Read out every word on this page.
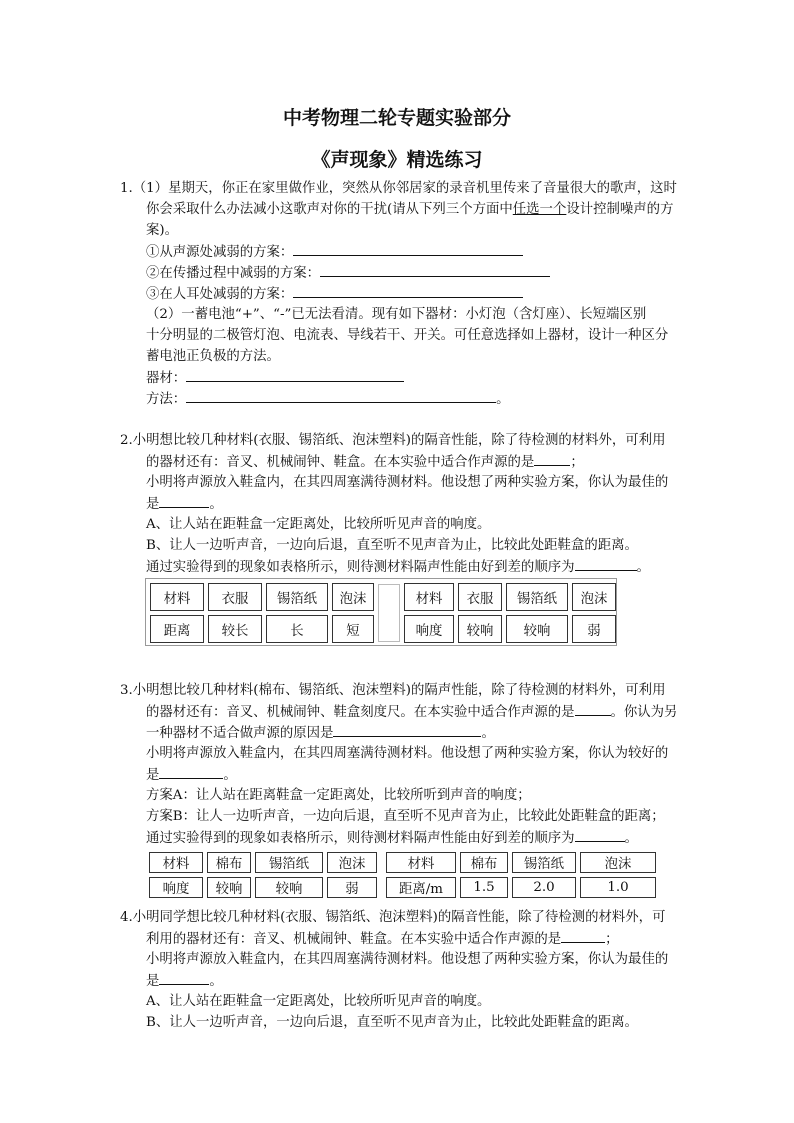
中考物理二轮专题实验部分
《声现象》精选练习
1.（1）星期天，你正在家里做作业，突然从你邻居家的录音机里传来了音量很大的歌声，这时
你会采取什么办法减小这歌声对你的干扰(请从下列三个方面中任选一个设计控制噪声的方
案)。
①从声源处减弱的方案：
②在传播过程中减弱的方案：
③在人耳处减弱的方案：
（2）一蓄电池“+”、“-”已无法看清。现有如下器材：小灯泡（含灯座）、长短端区别
十分明显的二极管灯泡、电流表、导线若干、开关。可任意选择如上器材，设计一种区分
蓄电池正负极的方法。
器材：
方法：	。
2.小明想比较几种材料(衣服、锡箔纸、泡沫塑料)的隔音性能，除了待检测的材料外，可利用
的器材还有：音叉、机械闹钟、鞋盒。在本实验中适合作声源的是	；
小明将声源放入鞋盒内，在其四周塞满待测材料。他设想了两种实验方案，你认为最佳的
是	。
A、让人站在距鞋盒一定距离处，比较所听见声音的响度。
B、让人一边听声音，一边向后退，直至听不见声音为止，比较此处距鞋盒的距离。
通过实验得到的现象如表格所示，则待测材料隔声性能由好到差的顺序为	。
材料	衣服	锡箔纸	泡沫
距离	较长	长	短
材料	衣服	锡箔纸	泡沫
响度	较响	较响	弱
3.小明想比较几种材料(棉布、锡箔纸、泡沫塑料)的隔声性能，除了待检测的材料外，可利用
的器材还有：音叉、机械闹钟、鞋盒刻度尺。在本实验中适合作声源的是	。你认为另
一种器材不适合做声源的原因是	。
小明将声源放入鞋盒内，在其四周塞满待测材料。他设想了两种实验方案，你认为较好的
是	。
方案A：让人站在距离鞋盒一定距离处，比较所听到声音的响度；
方案B：让人一边听声音，一边向后退，直至听不见声音为止，比较此处距鞋盒的距离；
通过实验得到的现象如表格所示，则待测材料隔声性能由好到差的顺序为	。
材料	棉布	锡箔纸	泡沫
响度	较响	较响	弱
材料	棉布	锡箔纸	泡沫
距离/m	1.5	2.0	1.0
4.小明同学想比较几种材料(衣服、锡箔纸、泡沫塑料)的隔音性能，除了待检测的材料外，可
利用的器材还有：音叉、机械闹钟、鞋盒。在本实验中适合作声源的是	；
小明将声源放入鞋盒内，在其四周塞满待测材料。他设想了两种实验方案，你认为最佳的
是	。
A、让人站在距鞋盒一定距离处，比较所听见声音的响度。
B、让人一边听声音，一边向后退，直至听不见声音为止，比较此处距鞋盒的距离。
